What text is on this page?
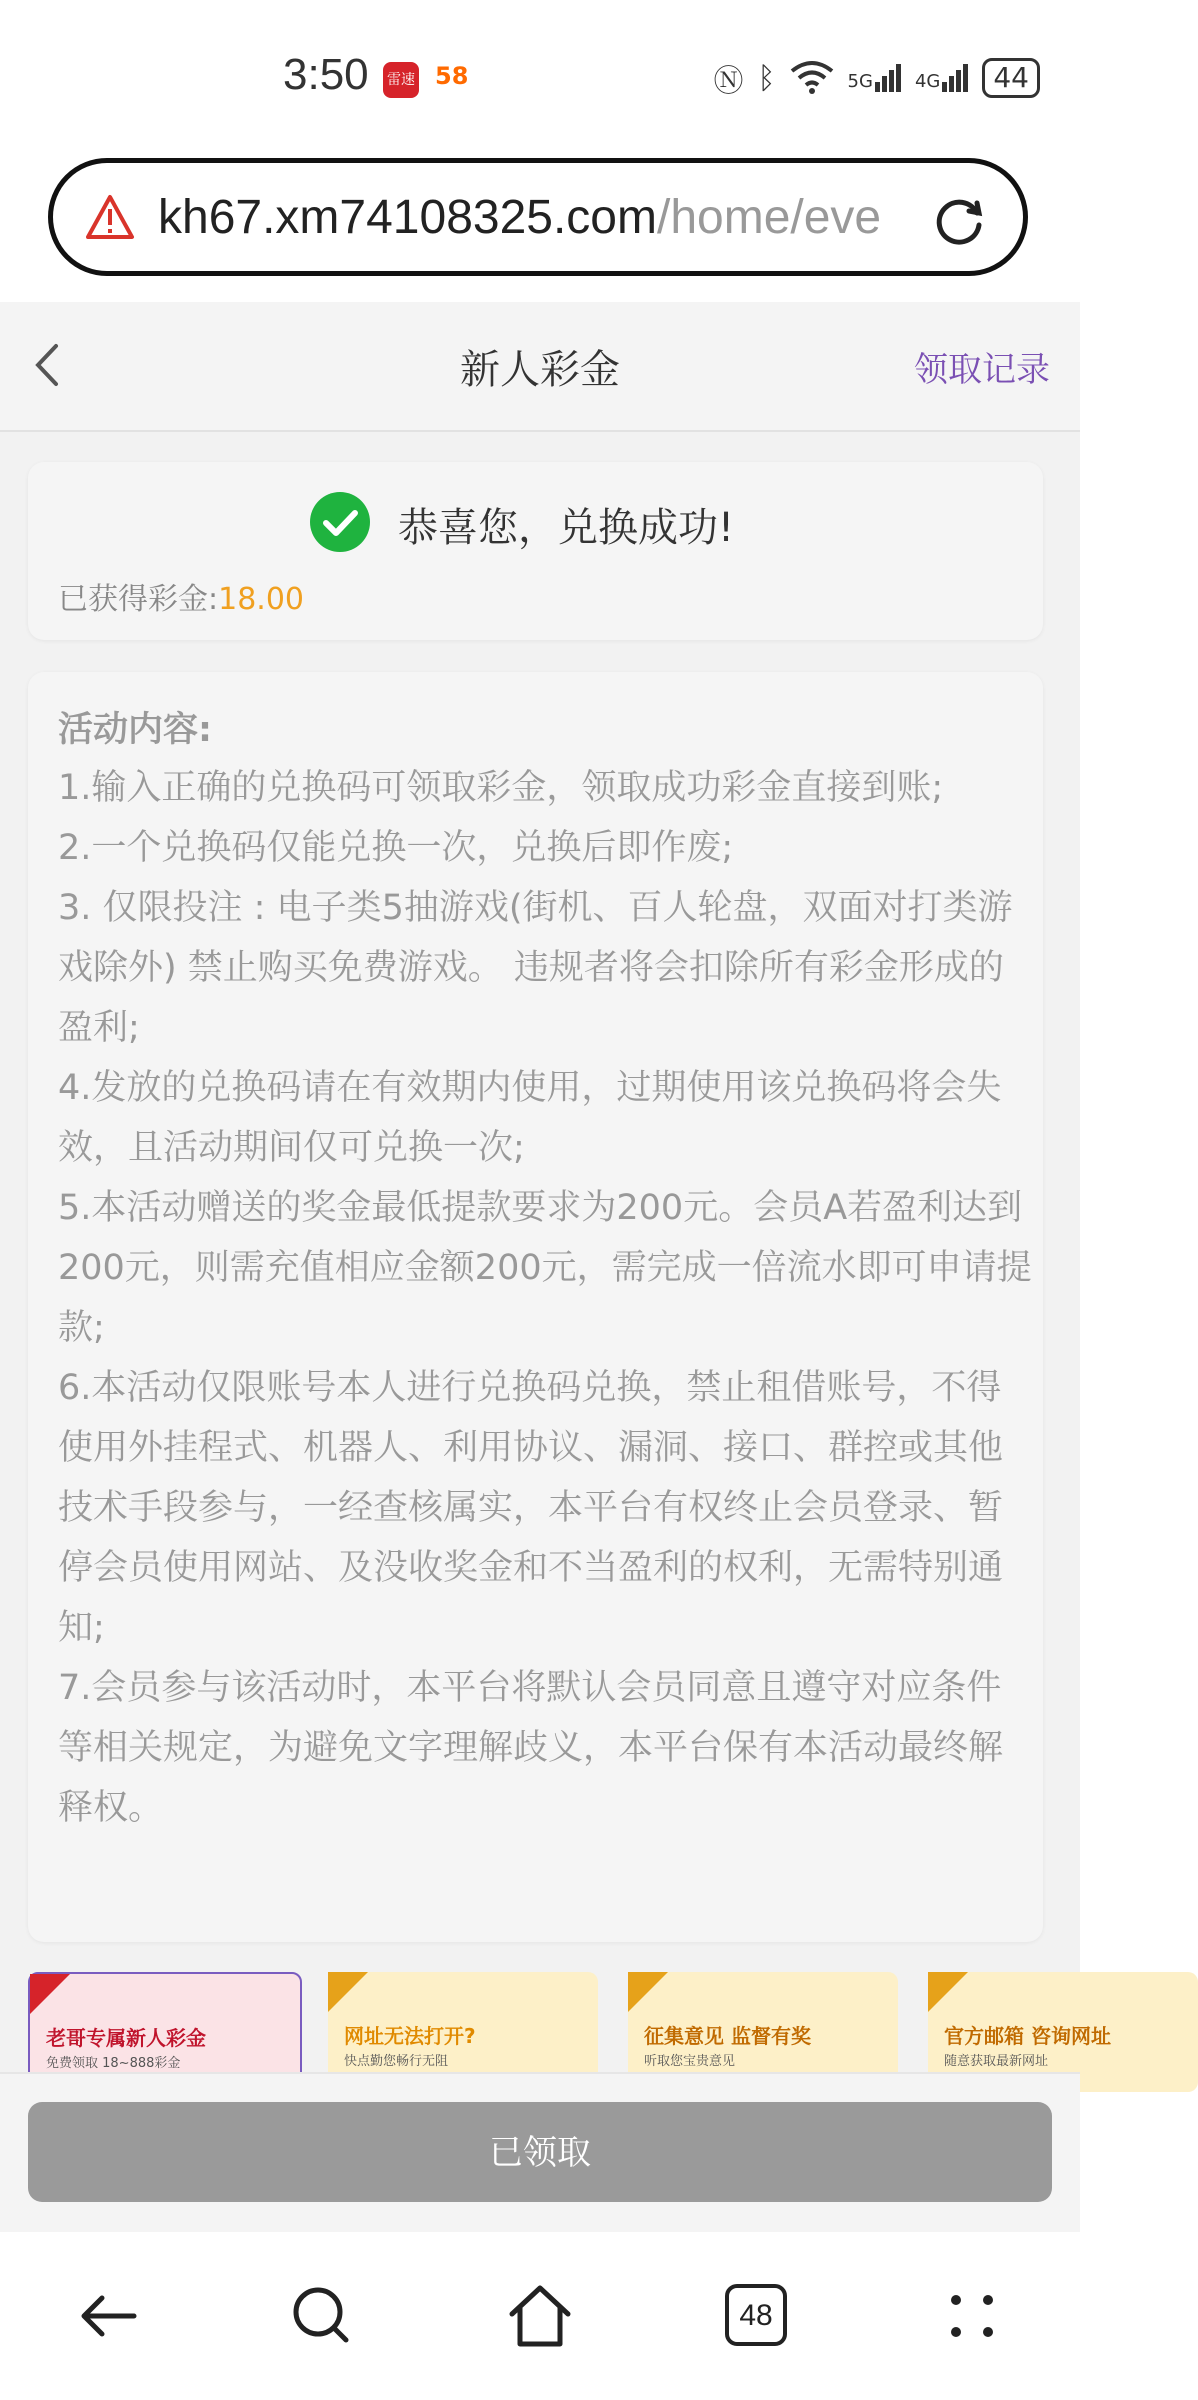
3:50 雷速 58	Ⓝ ᛒ	5G 4G	44
kh67.xm74108325.com/home/eve
新人彩金	领取记录
恭喜您，兑换成功!
已获得彩金:18.00
活动内容:

1.输入正确的兑换码可领取彩金，领取成功彩金直接到账;

2.一个兑换码仅能兑换一次，兑换后即作废;

3. 仅限投注 : 电子类5抽游戏(街机、百人轮盘，双面对打类游戏除外) 禁止购买免费游戏。 违规者将会扣除所有彩金形成的盈利;

4.发放的兑换码请在有效期内使用，过期使用该兑换码将会失效，且活动期间仅可兑换一次;

5.本活动赠送的奖金最低提款要求为200元。会员A若盈利达到200元，则需充值相应金额200元，需完成一倍流水即可申请提款;

6.本活动仅限账号本人进行兑换码兑换，禁止租借账号，不得使用外挂程式、机器人、利用协议、漏洞、接口、群控或其他技术手段参与，一经查核属实，本平台有权终止会员登录、暂停会员使用网站、及没收奖金和不当盈利的权利，无需特别通知;

7.会员参与该活动时，本平台将默认会员同意且遵守对应条件等相关规定，为避免文字理解歧义，本平台保有本活动最终解释权。

老哥专属新人彩金
免费领取 18~888彩金
网址无法打开?
快点勤您畅行无阻
征集意见 监督有奖
听取您宝贵意见
官方邮箱 咨询网址
随意获取最新网址
已领取
48
